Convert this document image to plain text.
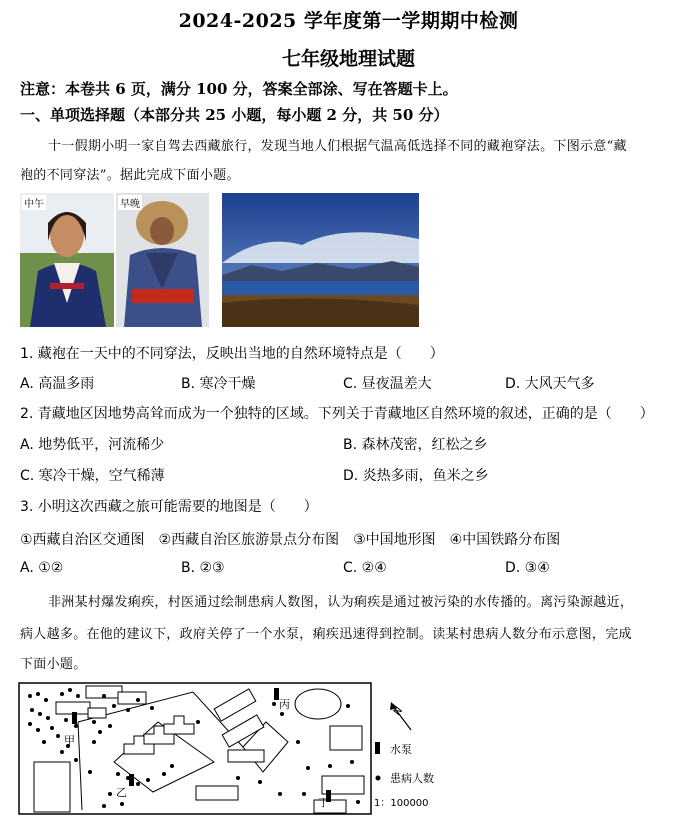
2024-2025 学年度第一学期期中检测
七年级地理试题
注意：本卷共 6 页，满分 100 分，答案全部涂、写在答题卡上。
一、单项选择题（本部分共 25 小题，每小题 2 分，共 50 分）
十一假期小明一家自驾去西藏旅行，发现当地人们根据气温高低选择不同的藏袍穿法。下图示意“藏
袍的不同穿法”。据此完成下面小题。
中午	早晚
1. 藏袍在一天中的不同穿法，反映出当地的自然环境特点是（　　）
A. 高温多雨	B. 寒冷干燥	C. 昼夜温差大	D. 大风天气多
2. 青藏地区因地势高耸而成为一个独特的区域。下列关于青藏地区自然环境的叙述，正确的是（　　）
A. 地势低平，河流稀少	B. 森林茂密，红松之乡
C. 寒冷干燥，空气稀薄	D. 炎热多雨，鱼米之乡
3. 小明这次西藏之旅可能需要的地图是（　　）
①西藏自治区交通图　②西藏自治区旅游景点分布图　③中国地形图　④中国铁路分布图
A. ①②	B. ②③	C. ②④	D. ③④
非洲某村爆发痢疾，村医通过绘制患病人数图，认为痢疾是通过被污染的水传播的。离污染源越近，
病人越多。在他的建议下，政府关停了一个水泵，痢疾迅速得到控制。读某村患病人数分布示意图，完成
下面小题。
甲
乙
丙
丁
N
水泵
患病人数
1：100000
